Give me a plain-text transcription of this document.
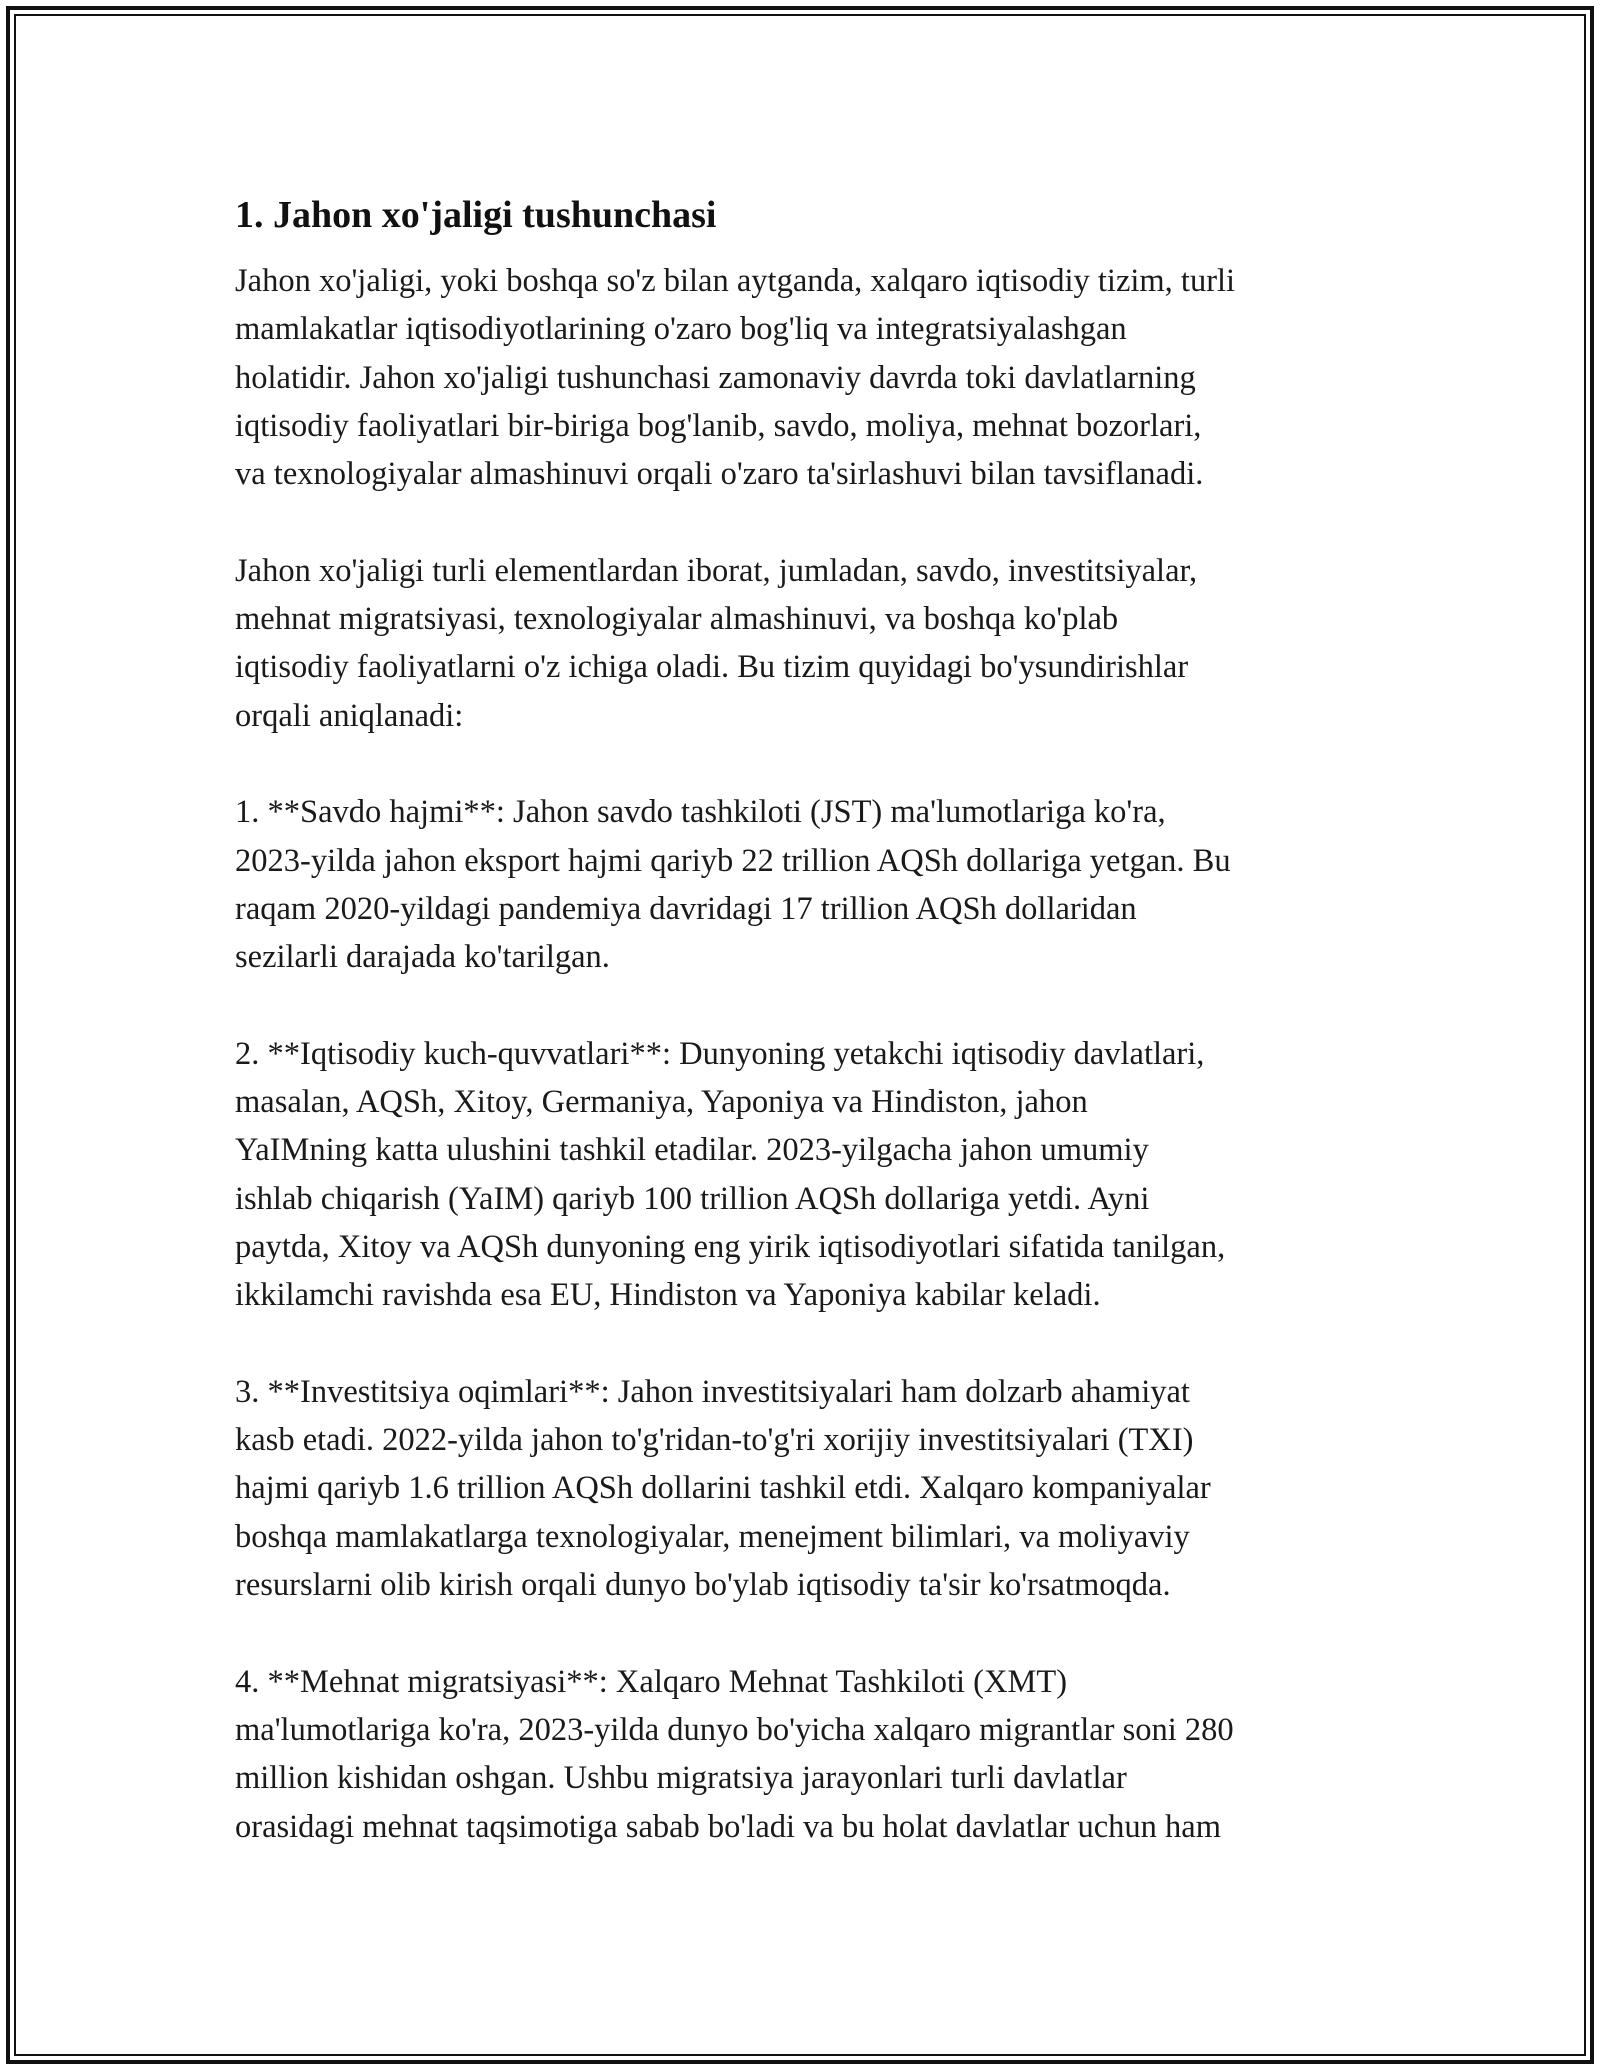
1. Jahon xo'jaligi tushunchasi

Jahon xo'jaligi, yoki boshqa so'z bilan aytganda, xalqaro iqtisodiy tizim, turli
mamlakatlar iqtisodiyotlarining o'zaro bog'liq va integratsiyalashgan
holatidir. Jahon xo'jaligi tushunchasi zamonaviy davrda toki davlatlarning
iqtisodiy faoliyatlari bir-biriga bog'lanib, savdo, moliya, mehnat bozorlari,
va texnologiyalar almashinuvi orqali o'zaro ta'sirlashuvi bilan tavsiflanadi.

Jahon xo'jaligi turli elementlardan iborat, jumladan, savdo, investitsiyalar,
mehnat migratsiyasi, texnologiyalar almashinuvi, va boshqa ko'plab
iqtisodiy faoliyatlarni o'z ichiga oladi. Bu tizim quyidagi bo'ysundirishlar
orqali aniqlanadi:

1. **Savdo hajmi**: Jahon savdo tashkiloti (JST) ma'lumotlariga ko'ra,
2023-yilda jahon eksport hajmi qariyb 22 trillion AQSh dollariga yetgan. Bu
raqam 2020-yildagi pandemiya davridagi 17 trillion AQSh dollaridan
sezilarli darajada ko'tarilgan.

2. **Iqtisodiy kuch-quvvatlari**: Dunyoning yetakchi iqtisodiy davlatlari,
masalan, AQSh, Xitoy, Germaniya, Yaponiya va Hindiston, jahon
YaIMning katta ulushini tashkil etadilar. 2023-yilgacha jahon umumiy
ishlab chiqarish (YaIM) qariyb 100 trillion AQSh dollariga yetdi. Ayni
paytda, Xitoy va AQSh dunyoning eng yirik iqtisodiyotlari sifatida tanilgan,
ikkilamchi ravishda esa EU, Hindiston va Yaponiya kabilar keladi.

3. **Investitsiya oqimlari**: Jahon investitsiyalari ham dolzarb ahamiyat
kasb etadi. 2022-yilda jahon to'g'ridan-to'g'ri xorijiy investitsiyalari (TXI)
hajmi qariyb 1.6 trillion AQSh dollarini tashkil etdi. Xalqaro kompaniyalar
boshqa mamlakatlarga texnologiyalar, menejment bilimlari, va moliyaviy
resurslarni olib kirish orqali dunyo bo'ylab iqtisodiy ta'sir ko'rsatmoqda.

4. **Mehnat migratsiyasi**: Xalqaro Mehnat Tashkiloti (XMT)
ma'lumotlariga ko'ra, 2023-yilda dunyo bo'yicha xalqaro migrantlar soni 280
million kishidan oshgan. Ushbu migratsiya jarayonlari turli davlatlar
orasidagi mehnat taqsimotiga sabab bo'ladi va bu holat davlatlar uchun ham
